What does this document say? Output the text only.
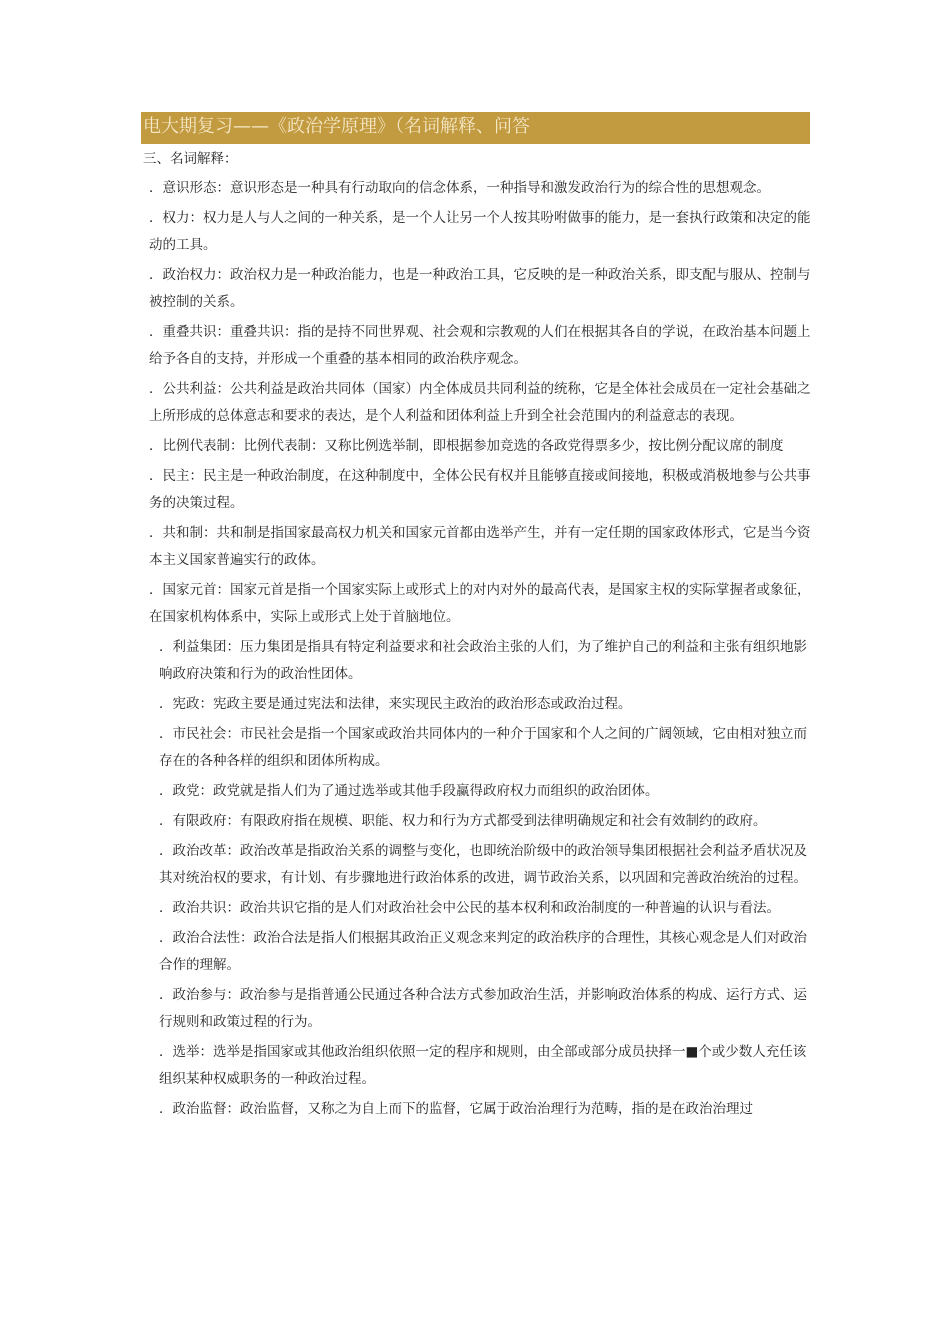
电大期复习——《政治学原理》（名词解释、问答
三、名词解释：
．意识形态：意识形态是一种具有行动取向的信念体系，一种指导和激发政治行为的综合性的思想观念。
．权力：权力是人与人之间的一种关系，是一个人让另一个人按其吩咐做事的能力，是一套执行政策和决定的能动的工具。
．政治权力：政治权力是一种政治能力，也是一种政治工具，它反映的是一种政治关系，即支配与服从、控制与被控制的关系。
．重叠共识：重叠共识：指的是持不同世界观、社会观和宗教观的人们在根据其各自的学说，在政治基本问题上给予各自的支持，并形成一个重叠的基本相同的政治秩序观念。
．公共利益：公共利益是政治共同体（国家）内全体成员共同利益的统称，它是全体社会成员在一定社会基础之上所形成的总体意志和要求的表达，是个人利益和团体利益上升到全社会范围内的利益意志的表现。
．比例代表制：比例代表制：又称比例选举制，即根据参加竞选的各政党得票多少，按比例分配议席的制度
．民主：民主是一种政治制度，在这种制度中，全体公民有权并且能够直接或间接地，积极或消极地参与公共事务的决策过程。
．共和制：共和制是指国家最高权力机关和国家元首都由选举产生，并有一定任期的国家政体形式，它是当今资本主义国家普遍实行的政体。
．国家元首：国家元首是指一个国家实际上或形式上的对内对外的最高代表，是国家主权的实际掌握者或象征，在国家机构体系中，实际上或形式上处于首脑地位。
．利益集团：压力集团是指具有特定利益要求和社会政治主张的人们，为了维护自己的利益和主张有组织地影响政府决策和行为的政治性团体。
．宪政：宪政主要是通过宪法和法律，来实现民主政治的政治形态或政治过程。
．市民社会：市民社会是指一个国家或政治共同体内的一种介于国家和个人之间的广阔领域，它由相对独立而存在的各种各样的组织和团体所构成。
．政党：政党就是指人们为了通过选举或其他手段赢得政府权力而组织的政治团体。
．有限政府：有限政府指在规模、职能、权力和行为方式都受到法律明确规定和社会有效制约的政府。
．政治改革：政治改革是指政治关系的调整与变化，也即统治阶级中的政治领导集团根据社会利益矛盾状况及其对统治权的要求，有计划、有步骤地进行政治体系的改进，调节政治关系，以巩固和完善政治统治的过程。
．政治共识：政治共识它指的是人们对政治社会中公民的基本权利和政治制度的一种普遍的认识与看法。
．政治合法性：政治合法是指人们根据其政治正义观念来判定的政治秩序的合理性，其核心观念是人们对政治合作的理解。
．政治参与：政治参与是指普通公民通过各种合法方式参加政治生活，并影响政治体系的构成、运行方式、运行规则和政策过程的行为。
．选举：选举是指国家或其他政治组织依照一定的程序和规则，由全部或部分成员抉择一■个或少数人充任该组织某种权威职务的一种政治过程。
．政治监督：政治监督，又称之为自上而下的监督，它属于政治治理行为范畴，指的是在政治治理过
